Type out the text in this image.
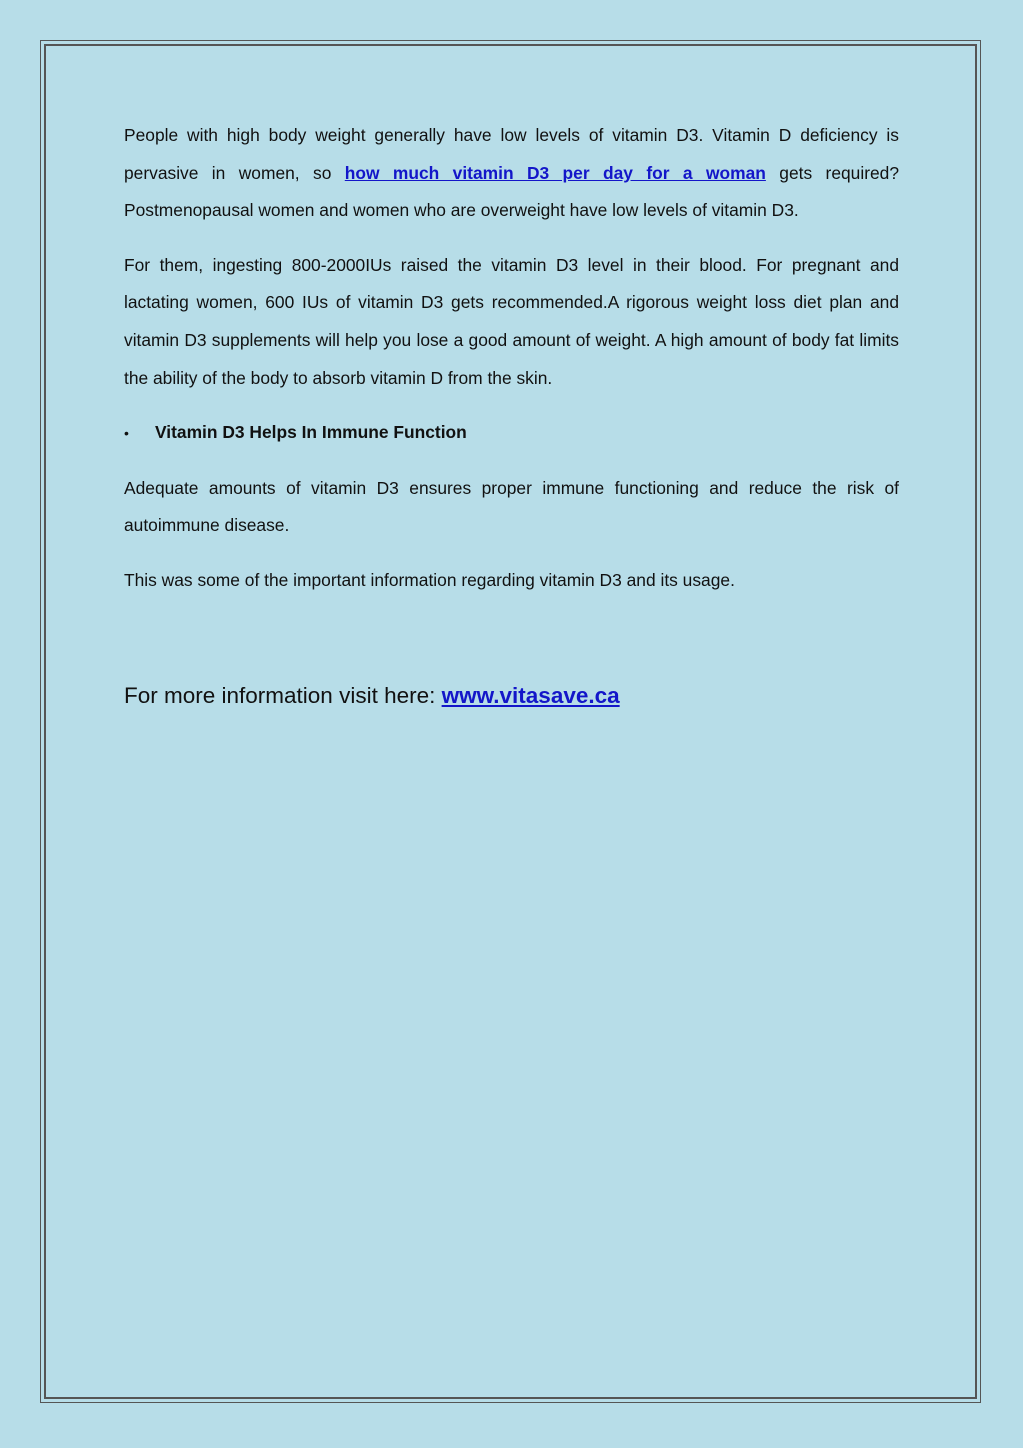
People with high body weight generally have low levels of vitamin D3. Vitamin D deficiency is pervasive in women, so how much vitamin D3 per day for a woman gets required? Postmenopausal women and women who are overweight have low levels of vitamin D3.

For them, ingesting 800-2000IUs raised the vitamin D3 level in their blood. For pregnant and lactating women, 600 IUs of vitamin D3 gets recommended.A rigorous weight loss diet plan and vitamin D3 supplements will help you lose a good amount of weight. A high amount of body fat limits the ability of the body to absorb vitamin D from the skin.

•	Vitamin D3 Helps In Immune Function

Adequate amounts of vitamin D3 ensures proper immune functioning and reduce the risk of autoimmune disease.

This was some of the important information regarding vitamin D3 and its usage.

For more information visit here: www.vitasave.ca
